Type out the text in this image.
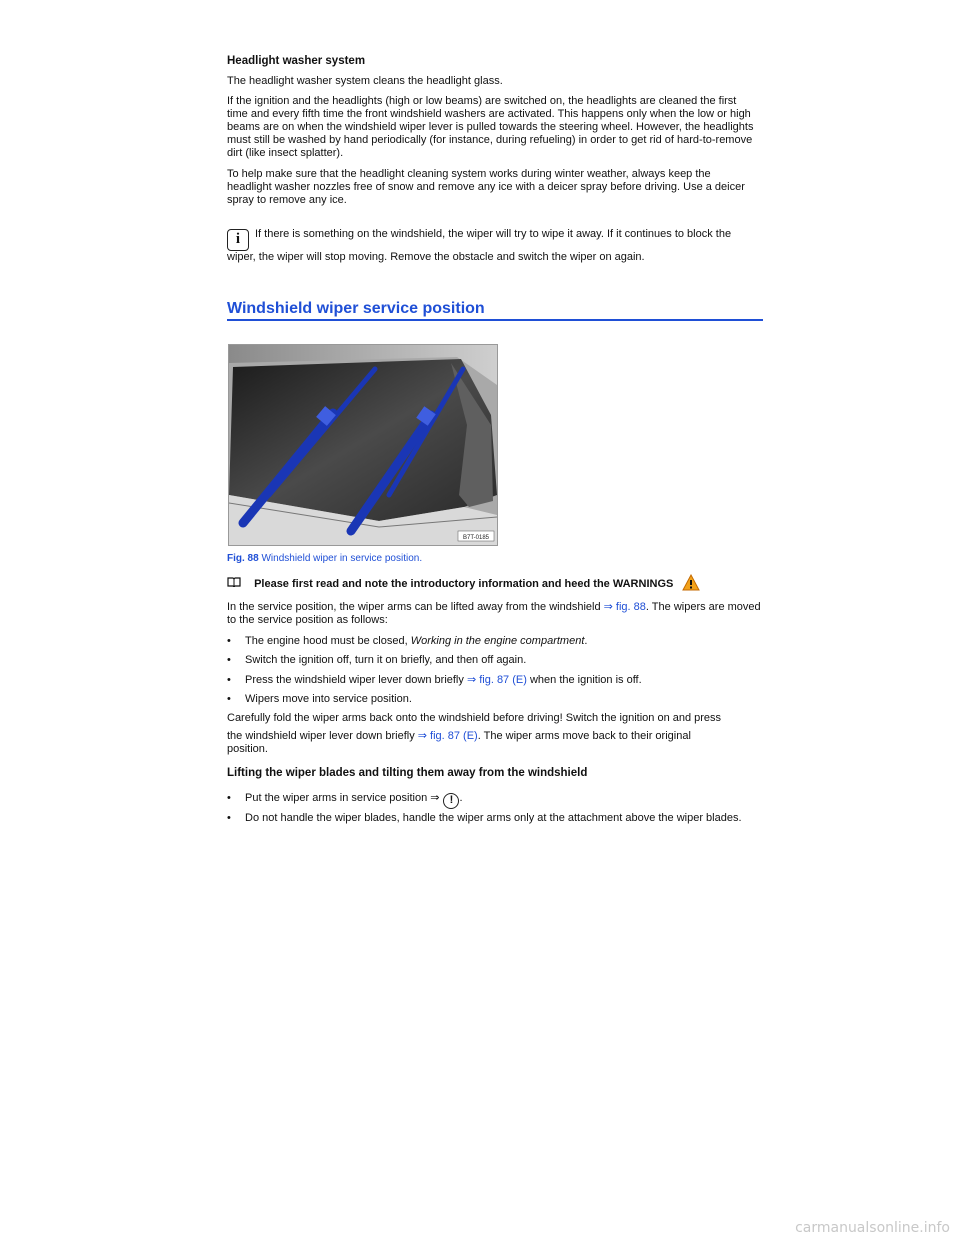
Headlight washer system

The headlight washer system cleans the headlight glass.

If the ignition and the headlights (high or low beams) are switched on, the headlights are cleaned the first time and every fifth time the front windshield washers are activated. This happens only when the low or high beams are on when the windshield wiper lever is pulled towards the steering wheel. However, the headlights must still be washed by hand periodically (for instance, during refueling) in order to get rid of hard-to-remove dirt (like insect splatter).

To help make sure that the headlight cleaning system works during winter weather, always keep the headlight washer nozzles free of snow and remove any ice with a deicer spray before driving. Use a deicer spray to remove any ice.

i If there is something on the windshield, the wiper will try to wipe it away. If it continues to block the wiper, the wiper will stop moving. Remove the obstacle and switch the wiper on again.

Windshield wiper service position
B7T-0185
Fig. 88 Windshield wiper in service position.
Please first read and note the introductory information and heed the WARNINGS

In the service position, the wiper arms can be lifted away from the windshield ⇒ fig. 88. The wipers are moved to the service position as follows:

• The engine hood must be closed, Working in the engine compartment.
• Switch the ignition off, turn it on briefly, and then off again.
• Press the windshield wiper lever down briefly ⇒ fig. 87 (E) when the ignition is off.
• Wipers move into service position.

Carefully fold the wiper arms back onto the windshield before driving! Switch the ignition on and press

the windshield wiper lever down briefly ⇒ fig. 87 (E). The wiper arms move back to their original position.

Lifting the wiper blades and tilting them away from the windshield
• Put the wiper arms in service position ⇒ ! .
• Do not handle the wiper blades, handle the wiper arms only at the attachment above the wiper blades.
carmanualsonline.info
